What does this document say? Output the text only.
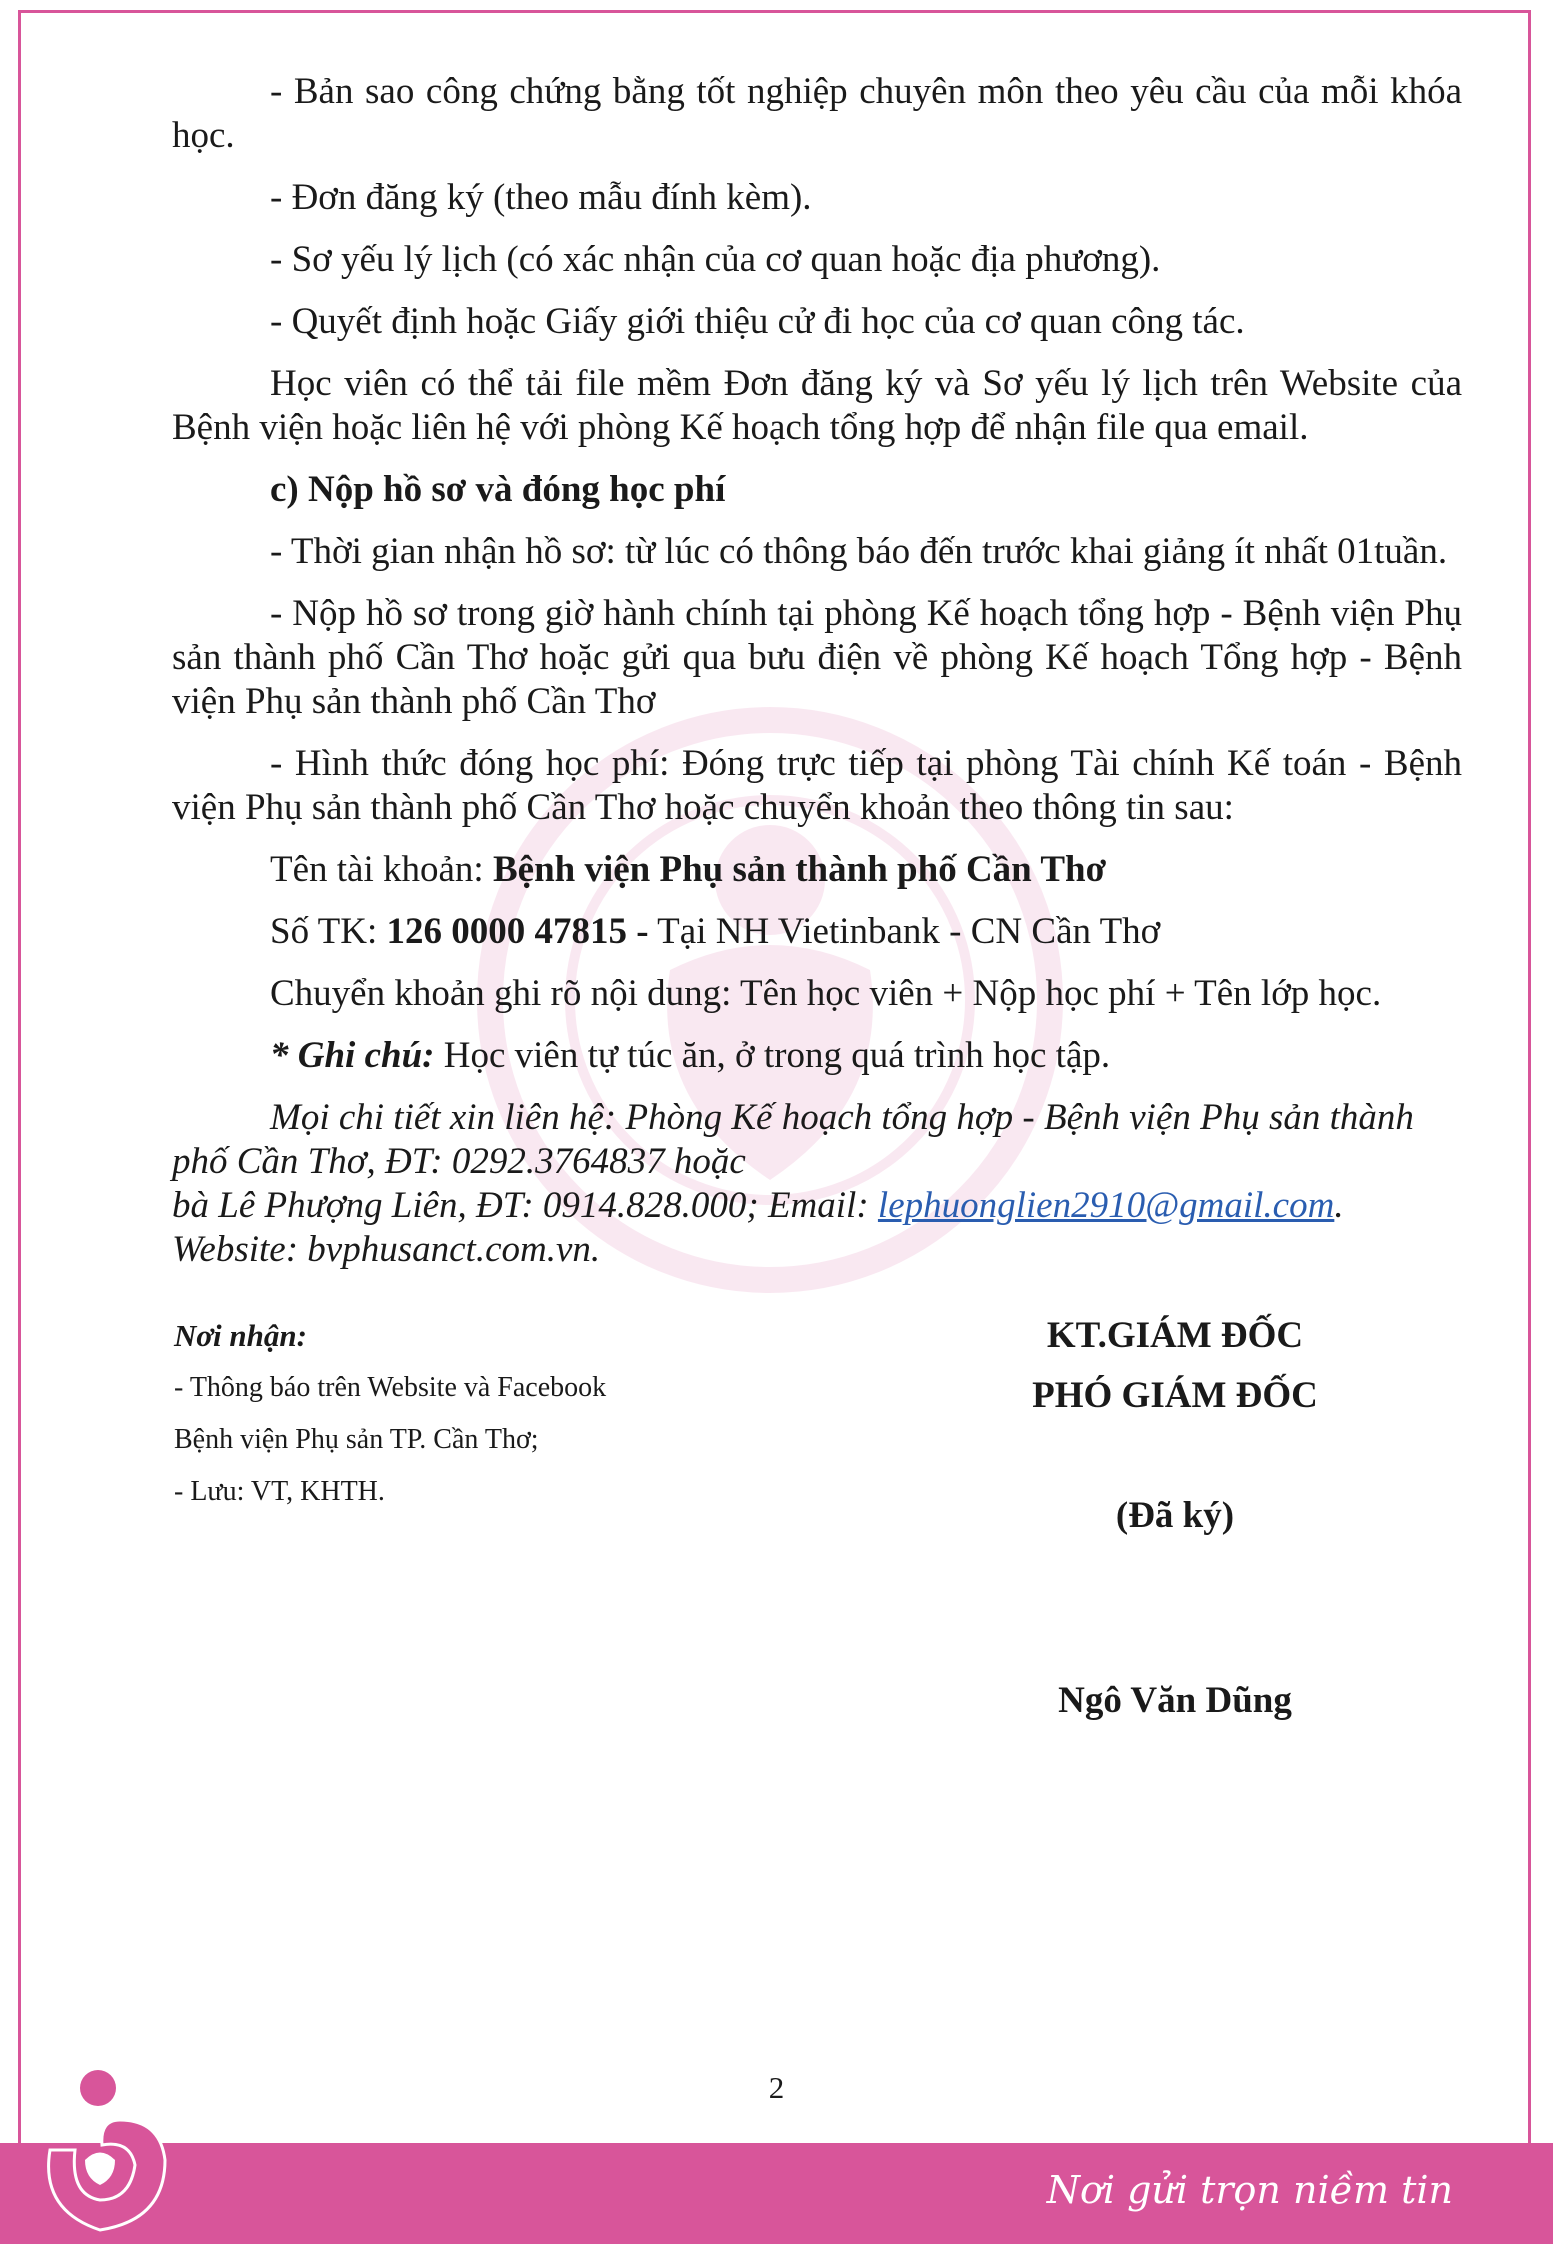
- Bản sao công chứng bằng tốt nghiệp chuyên môn theo yêu cầu của mỗi khóa học.

- Đơn đăng ký (theo mẫu đính kèm).

- Sơ yếu lý lịch (có xác nhận của cơ quan hoặc địa phương).

- Quyết định hoặc Giấy giới thiệu cử đi học của cơ quan công tác.

Học viên có thể tải file mềm Đơn đăng ký và Sơ yếu lý lịch trên Website của Bệnh viện hoặc liên hệ với phòng Kế hoạch tổng hợp để nhận file qua email.

c) Nộp hồ sơ và đóng học phí

- Thời gian nhận hồ sơ: từ lúc có thông báo đến trước khai giảng ít nhất 01tuần.

- Nộp hồ sơ trong giờ hành chính tại phòng Kế hoạch tổng hợp - Bệnh viện Phụ sản thành phố Cần Thơ hoặc gửi qua bưu điện về phòng Kế hoạch Tổng hợp - Bệnh viện Phụ sản thành phố Cần Thơ

- Hình thức đóng học phí: Đóng trực tiếp tại phòng Tài chính Kế toán - Bệnh viện Phụ sản thành phố Cần Thơ hoặc chuyển khoản theo thông tin sau:

Tên tài khoản: Bệnh viện Phụ sản thành phố Cần Thơ

Số TK: 126 0000 47815 - Tại NH Vietinbank - CN Cần Thơ

Chuyển khoản ghi rõ nội dung: Tên học viên + Nộp học phí + Tên lớp học.

* Ghi chú: Học viên tự túc ăn, ở trong quá trình học tập.

Mọi chi tiết xin liên hệ: Phòng Kế hoạch tổng hợp - Bệnh viện Phụ sản thành phố Cần Thơ, ĐT: 0292.3764837 hoặc
bà Lê Phượng Liên, ĐT: 0914.828.000; Email: lephuonglien2910@gmail.com.
Website: bvphusanct.com.vn.

Nơi nhận:
- Thông báo trên Website và Facebook
Bệnh viện Phụ sản TP. Cần Thơ;
- Lưu: VT, KHTH.
KT.GIÁM ĐỐC
PHÓ GIÁM ĐỐC
(Đã ký)
Ngô Văn Dũng
2
Nơi gửi trọn niềm tin
